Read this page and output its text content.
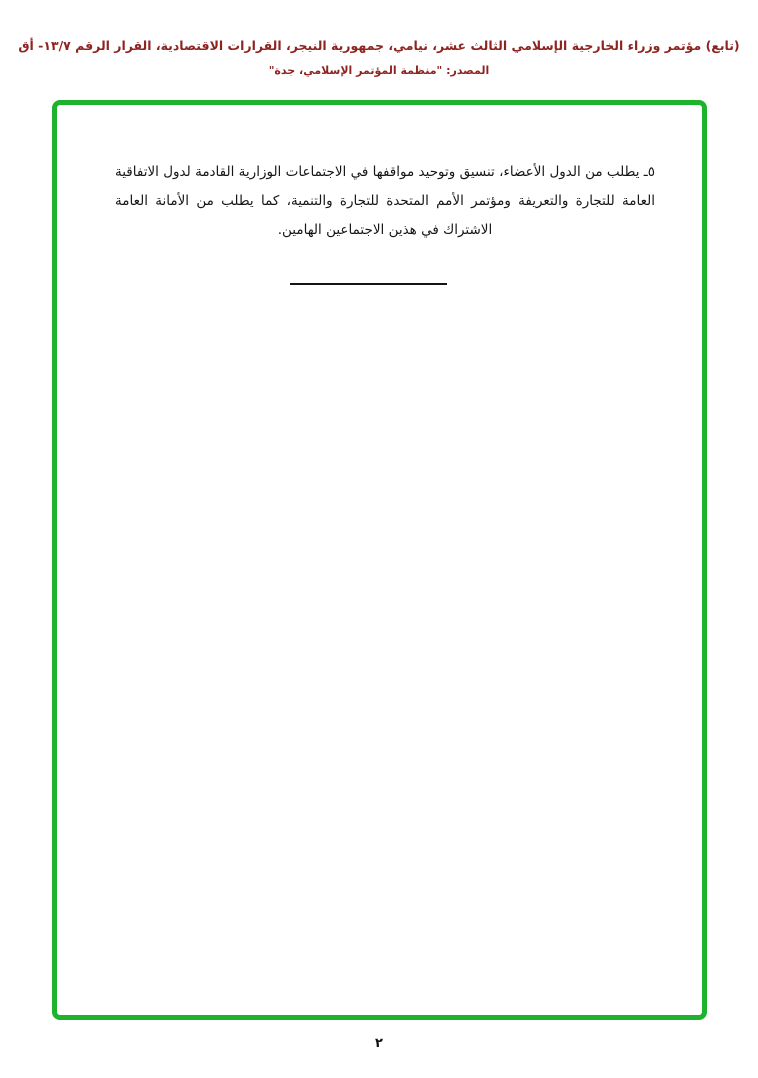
(تابع) مؤتمر وزراء الخارجية الإسلامي الثالث عشر، نيامي، جمهورية النيجر، القرارات الاقتصادية، القرار الرقم ١٣/٧- أق
المصدر: "منظمة المؤتمر الإسلامي، جدة"
٥ـ يطلب من الدول الأعضاء، تنسيق وتوحيد مواقفها في الاجتماعات الوزارية القادمة لدول الاتفاقية
العامة للتجارة والتعريفة ومؤتمر الأمم المتحدة للتجارة والتنمية، كما يطلب من الأمانة العامة
الاشتراك في هذين الاجتماعين الهامين.
٢
